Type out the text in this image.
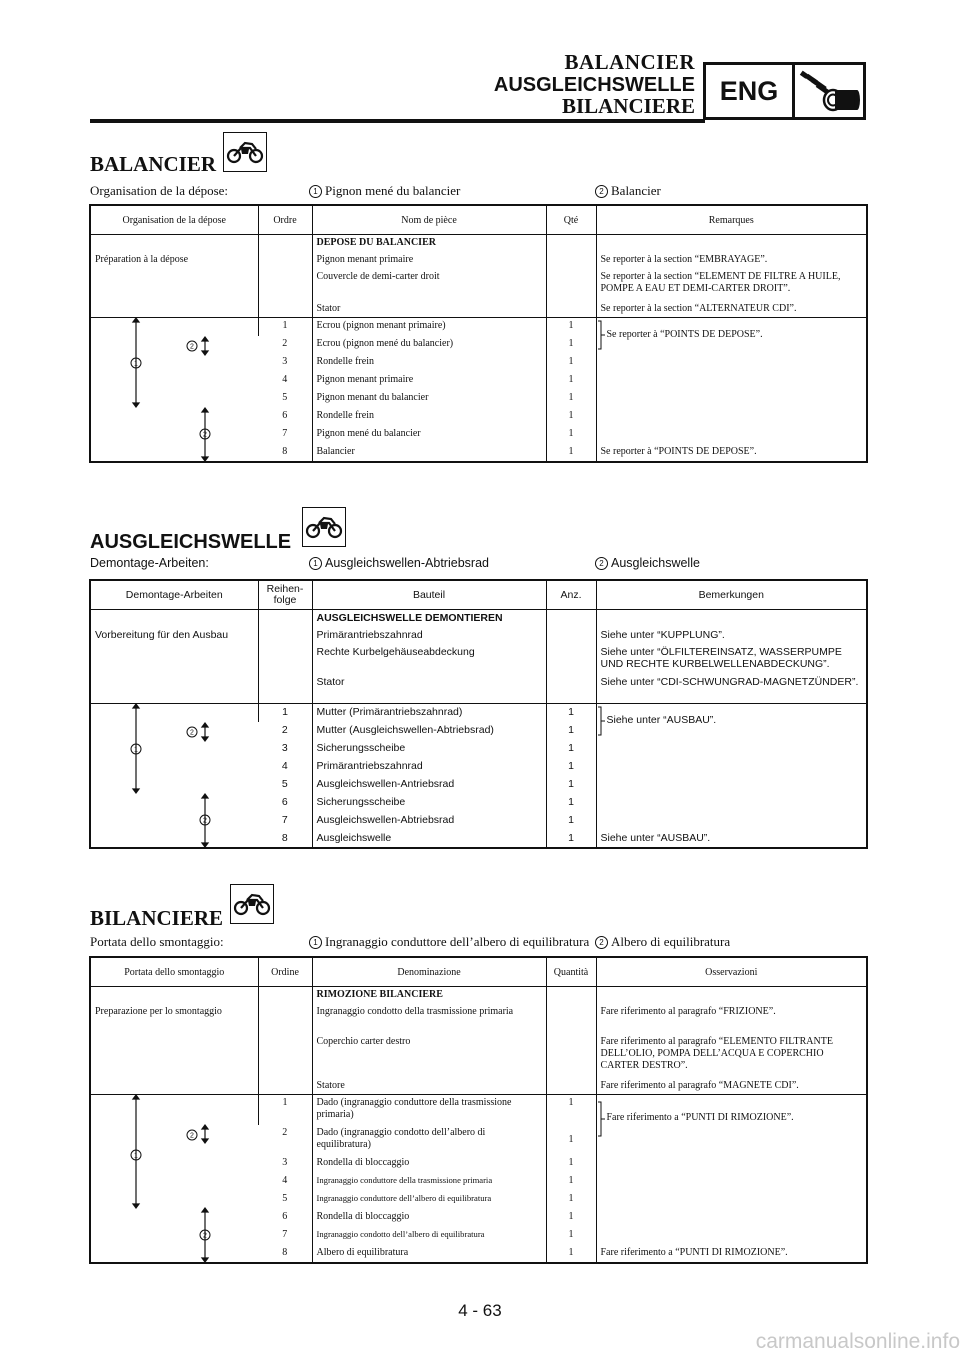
BALANCIER
AUSGLEICHSWELLE
BILANCIERE
ENG
BALANCIER
Organisation de la dépose:	1 Pignon mené du balancier	2 Balancier
Organisation de la dépose	Ordre	Nom de pièce	Qté	Remarques
		DEPOSE DU BALANCIER		
Préparation à la dépose		Pignon menant primaire		Se reporter à la section “EMBRAYAGE”.
		Couvercle de demi-carter droit		Se reporter à la section “ELEMENT DE FILTRE A HUILE, POMPE A EAU ET DEMI-CARTER DROIT”.
		Stator		Se reporter à la section “ALTERNATEUR CDI”.

1
2
2	1	Ecrou (pignon menant primaire)	1	Se reporter à “POINTS DE DEPOSE”.

	2	Ecrou (pignon mené du balancier)	1	
	3	Rondelle frein	1	
	4	Pignon menant primaire	1	
	5	Pignon menant du balancier	1	
	6	Rondelle frein	1	
	7	Pignon mené du balancier	1	
	8	Balancier	1	Se reporter à “POINTS DE DEPOSE”.
AUSGLEICHSWELLE
Demontage-Arbeiten:	1 Ausgleichswellen-Abtriebsrad	2 Ausgleichswelle
Demontage-Arbeiten	Reihen-folge	Bauteil	Anz.	Bemerkungen
		AUSGLEICHSWELLE DEMONTIEREN		
Vorbereitung für den Ausbau		Primärantriebszahnrad		Siehe unter “KUPPLUNG”.
		Rechte Kurbelgehäuseabdeckung		Siehe unter “ÖLFILTEREINSATZ, WASSERPUMPE UND RECHTE KURBELWELLENABDECKUNG”.
		Stator		Siehe unter “CDI-SCHWUNGRAD-MAGNETZÜNDER”.

1
2
2	1	Mutter (Primärantriebszahnrad)	1	Siehe unter “AUSBAU”.

	2	Mutter (Ausgleichswellen-Abtriebsrad)	1	
	3	Sicherungsscheibe	1	
	4	Primärantriebszahnrad	1	
	5	Ausgleichswellen-Antriebsrad	1	
	6	Sicherungsscheibe	1	
	7	Ausgleichswellen-Abtriebsrad	1	
	8	Ausgleichswelle	1	Siehe unter “AUSBAU”.
BILANCIERE
Portata dello smontaggio:	1 Ingranaggio conduttore dell’albero di equilibratura	2 Albero di equilibratura
Portata dello smontaggio	Ordine	Denominazione	Quantità	Osservazioni
		RIMOZIONE BILANCIERE		
Preparazione per lo smontaggio		Ingranaggio condotto della trasmissione primaria		Fare riferimento al paragrafo “FRIZIONE”.
		Coperchio carter destro		Fare riferimento al paragrafo “ELEMENTO FILTRANTE DELL’OLIO, POMPA DELL’ACQUA E COPERCHIO CARTER DESTRO”.
		Statore		Fare riferimento al paragrafo “MAGNETE CDI”.

1
2
2	1	Dado (ingranaggio conduttore della trasmissione primaria)	1	Fare riferimento a “PUNTI DI RIMOZIONE”.

	2	Dado (ingranaggio condotto dell’albero di equilibratura)	1	
	3	Rondella di bloccaggio	1	
	4	Ingranaggio conduttore della trasmissione primaria	1	
	5	Ingranaggio conduttore dell’albero di equilibratura	1	
	6	Rondella di bloccaggio	1	
	7	Ingranaggio condotto dell’albero di equilibratura	1	
	8	Albero di equilibratura	1	Fare riferimento a “PUNTI DI RIMOZIONE”.
4 - 63
carmanualsonline.info
